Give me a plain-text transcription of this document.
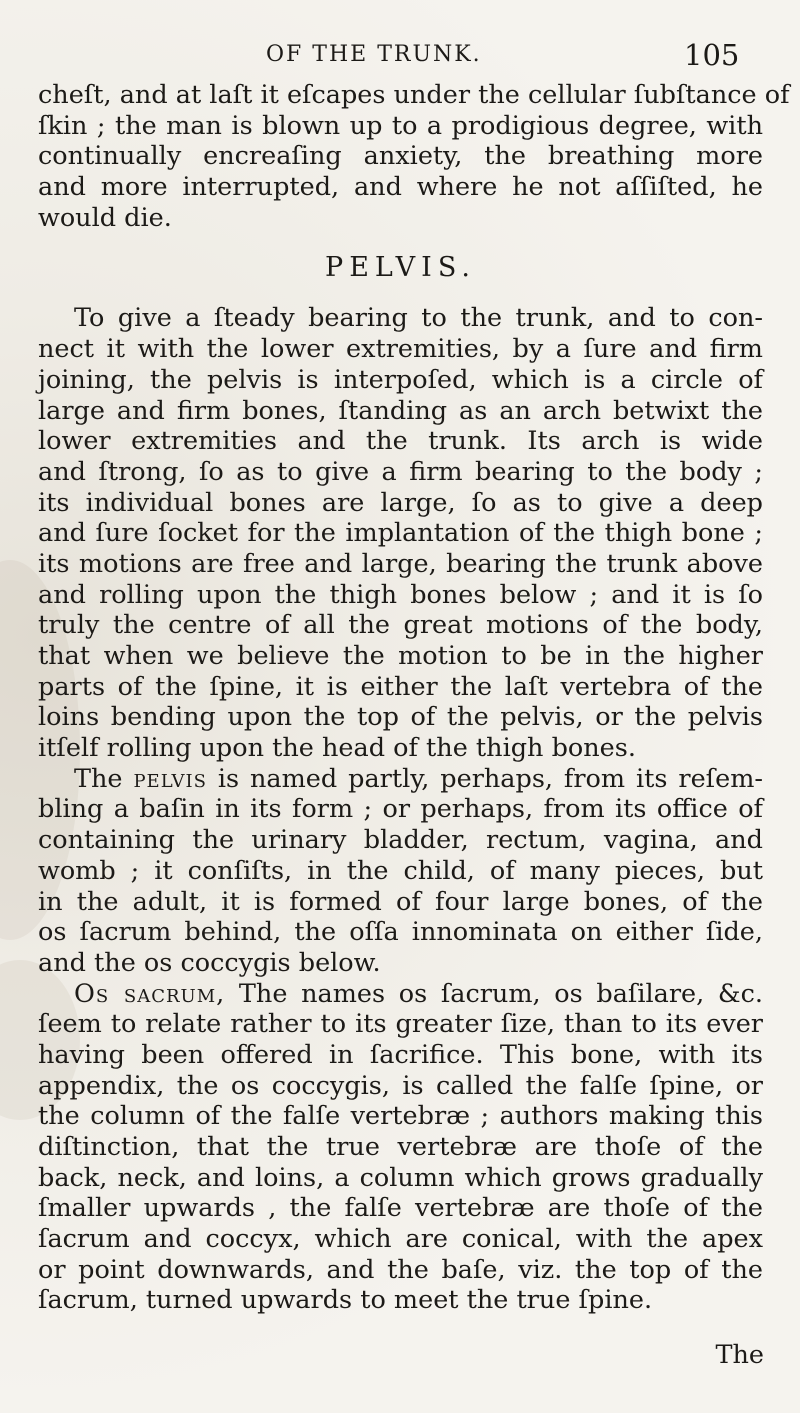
OF THE TRUNK.	105
cheſt, and at laſt it eſcapes under the cellular ſubſtance of
ſkin ; the man is blown up to a prodigious degree, with
continually encreaſing anxiety, the breathing more
and more interrupted, and where he not aſſiſted, he
would die.
PELVIS.
To give a ſteady bearing to the trunk, and to con-
nect it with the lower extremities, by a ſure and firm
joining, the pelvis is interpoſed, which is a circle of
large and firm bones, ſtanding as an arch betwixt the
lower extremities and the trunk. Its arch is wide
and ſtrong, ſo as to give a firm bearing to the body ;
its individual bones are large, ſo as to give a deep
and ſure ſocket for the implantation of the thigh bone ;
its motions are free and large, bearing the trunk above
and rolling upon the thigh bones below ; and it is ſo
truly the centre of all the great motions of the body,
that when we believe the motion to be in the higher
parts of the ſpine, it is either the laſt vertebra of the
loins bending upon the top of the pelvis, or the pelvis
itſelf rolling upon the head of the thigh bones.
The pelvis is named partly, perhaps, from its reſem-
bling a baſin in its form ; or perhaps, from its office of
containing the urinary bladder, rectum, vagina, and
womb ; it conſiſts, in the child, of many pieces, but
in the adult, it is formed of four large bones, of the
os ſacrum behind, the oſſa innominata on either ſide,
and the os coccygis below.
Os sacrum, The names os ſacrum, os baſilare, &c.
ſeem to relate rather to its greater ſize, than to its ever
having been offered in ſacrifice. This bone, with its
appendix, the os coccygis, is called the falſe ſpine, or
the column of the falſe vertebræ ; authors making this
diſtinction, that the true vertebræ are thoſe of the
back, neck, and loins, a column which grows gradually
ſmaller upwards , the falſe vertebræ are thoſe of the
ſacrum and coccyx, which are conical, with the apex
or point downwards, and the baſe, viz. the top of the
ſacrum, turned upwards to meet the true ſpine.
The
